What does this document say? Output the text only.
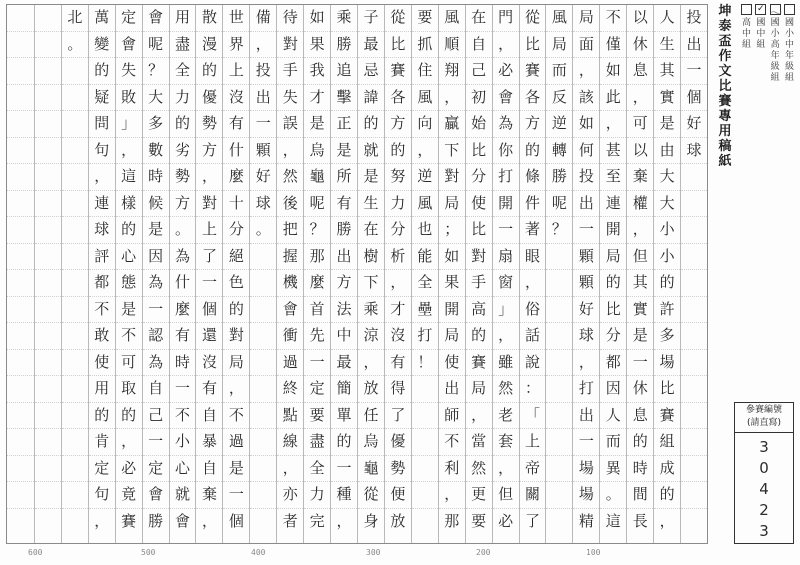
投
出
一
個
好
球
人
生
其
實
是
由
大
大
小
小
的
許
多
場
比
賽
組
成
的
，
以
休
息
，
可
以
棄
權
，
但
其
實
是
一
休
息
的
時
間
長
不
僅
如
此
，
甚
至
連
開
局
的
比
分
都
因
人
而
異
。
這
局
面
，
該
如
何
投
出
一
顆
顆
好
球
，
打
出
一
場
場
精
風
局
而
反
逆
轉
勝
呢
？
從
比
賽
各
方
的
條
件
著
眼
，
俗
話
說
：
「
上
帝
關
了
門
，
必
會
為
你
打
開
一
扇
窗
」
，
雖
然
老
套
，
但
必
在
自
己
初
始
比
分
使
比
對
手
高
的
賽
局
，
當
然
更
要
風
順
翔
，
贏
下
對
局
；
如
果
開
局
使
出
師
不
利
，
那
要
抓
住
風
向
，
逆
風
也
能
全
壘
打
！
從
比
賽
各
方
的
努
力
分
析
，
才
沒
有
得
了
優
勢
便
放
子
最
忌
諱
的
就
是
生
在
樹
下
乘
涼
，
放
任
烏
龜
從
身
乘
勝
追
擊
正
是
所
有
勝
出
方
法
中
最
簡
單
的
一
種
，
如
果
我
才
是
烏
龜
呢
？
那
麼
首
先
一
定
要
盡
全
力
完
待
對
手
失
誤
，
然
後
把
握
機
會
衝
過
終
點
線
，
亦
者
備
，
投
出
一
顆
好
球
。
世
界
上
沒
有
什
麼
十
分
絕
色
的
對
局
，
不
過
是
一
個
散
漫
的
優
勢
方
，
對
上
了
一
個
還
沒
有
自
暴
自
棄
，
用
盡
全
力
的
劣
勢
方
。
為
什
麼
有
時
一
不
小
心
就
會
會
呢
？
大
多
數
時
候
是
因
為
一
認
為
自
己
一
定
會
勝
定
會
失
敗
」
，
這
樣
的
心
態
是
不
可
取
的
，
必
竟
賽
萬
變
的
疑
問
句
，
連
球
評
都
不
敢
使
用
的
肯
定
句
，
北
。
100
200
300
400
500
600
坤
泰
盃
作
文
比
賽
專
用
稿
紙
國
小
中
年
級
組
國
小
高
年
級
組
✓
國
中
組
高
中
組
參賽編號
(請直寫)
3
0
4
2
3
〜
